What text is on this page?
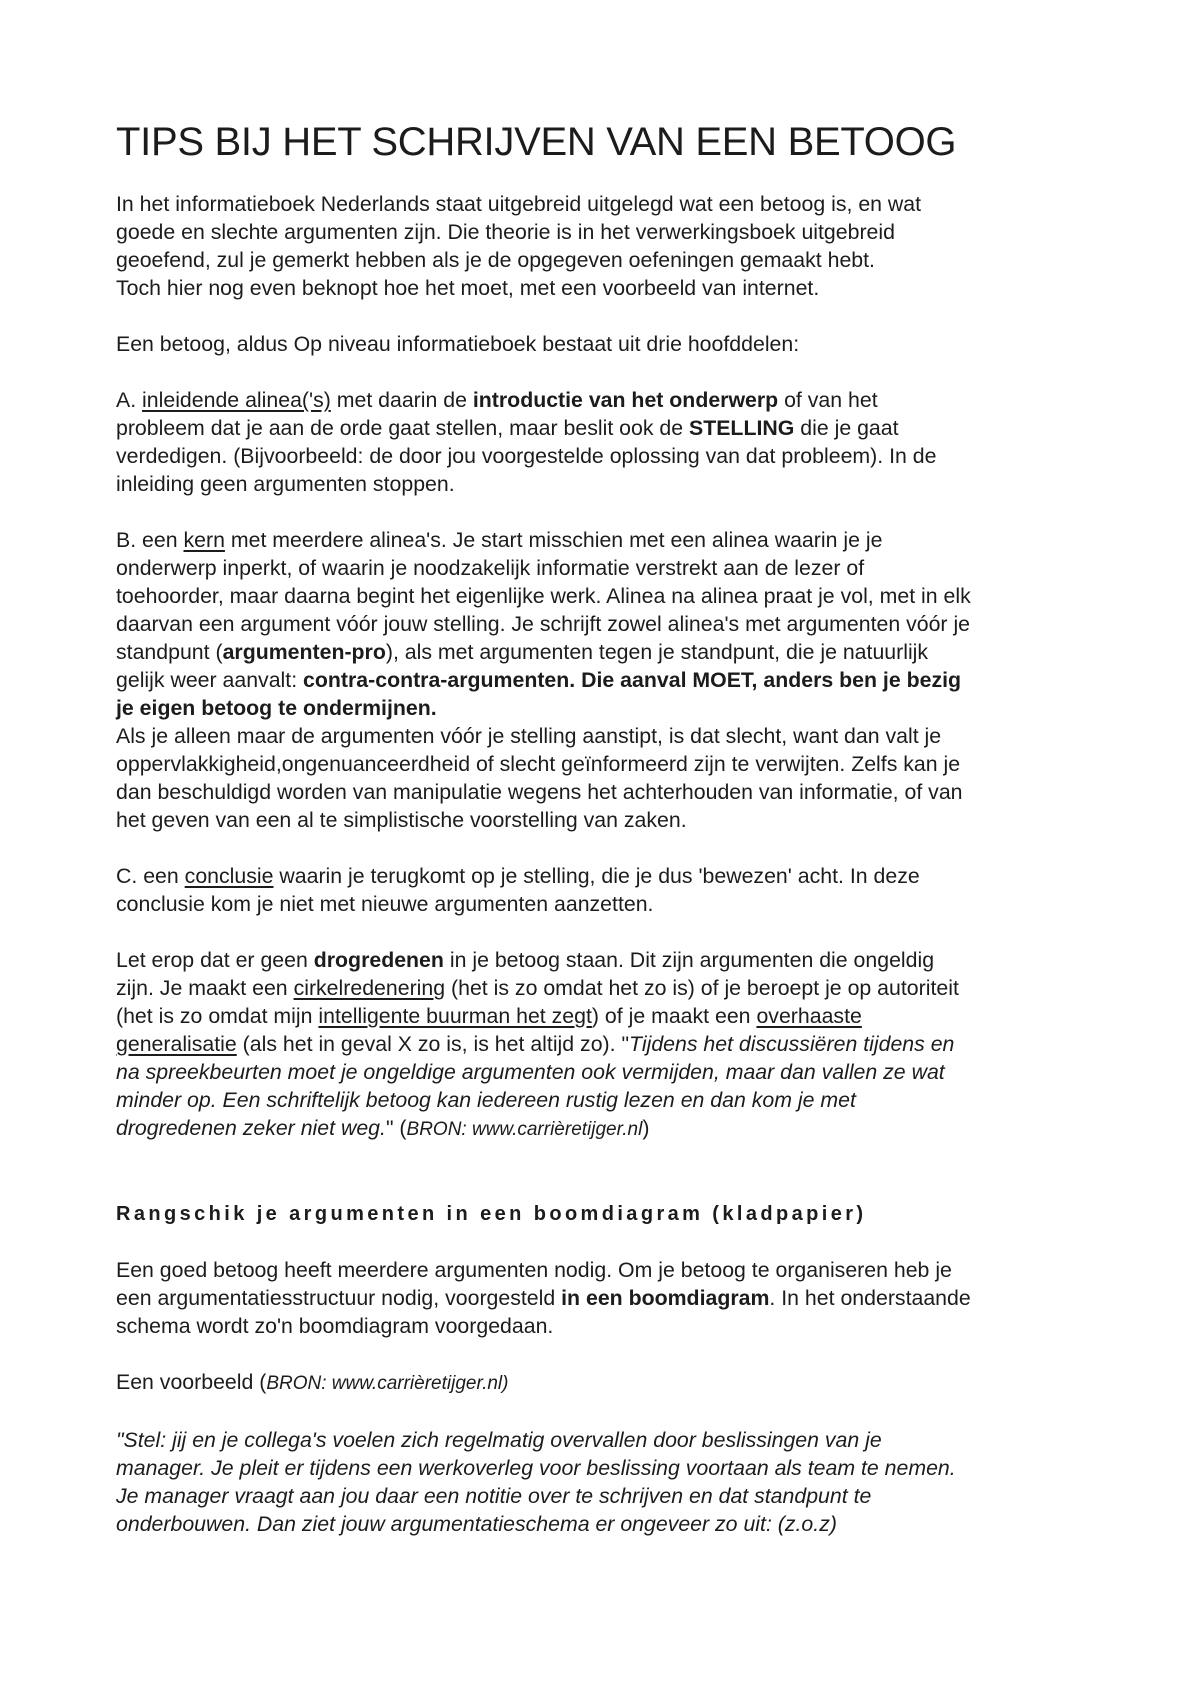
TIPS BIJ HET SCHRIJVEN VAN EEN BETOOG

In het informatieboek Nederlands staat uitgebreid uitgelegd wat een betoog is, en wat

goede en slechte argumenten zijn. Die theorie is in het verwerkingsboek uitgebreid

geoefend, zul je gemerkt hebben als je de opgegeven oefeningen gemaakt hebt.

Toch hier nog even beknopt hoe het moet, met een voorbeeld van internet.

Een betoog, aldus Op niveau informatieboek bestaat uit drie hoofddelen:

A. inleidende alinea('s) met daarin de introductie van het onderwerp of van het

probleem dat je aan de orde gaat stellen, maar beslit ook de STELLING die je gaat

verdedigen. (Bijvoorbeeld: de door jou voorgestelde oplossing van dat probleem). In de

inleiding geen argumenten stoppen.

B. een kern met meerdere alinea's. Je start misschien met een alinea waarin je je

onderwerp inperkt, of waarin je noodzakelijk informatie verstrekt aan de lezer of

toehoorder, maar daarna begint het eigenlijke werk. Alinea na alinea praat je vol, met in elk

daarvan een argument vóór jouw stelling. Je schrijft zowel alinea's met argumenten vóór je

standpunt (argumenten-pro), als met argumenten tegen je standpunt, die je natuurlijk

gelijk weer aanvalt: contra-contra-argumenten. Die aanval MOET, anders ben je bezig

je eigen betoog te ondermijnen.

Als je alleen maar de argumenten vóór je stelling aanstipt, is dat slecht, want dan valt je

oppervlakkigheid,ongenuanceerdheid of slecht geïnformeerd zijn te verwijten. Zelfs kan je

dan beschuldigd worden van manipulatie wegens het achterhouden van informatie, of van

het geven van een al te simplistische voorstelling van zaken.

C. een conclusie waarin je terugkomt op je stelling, die je dus 'bewezen' acht. In deze

conclusie kom je niet met nieuwe argumenten aanzetten.

Let erop dat er geen drogredenen in je betoog staan. Dit zijn argumenten die ongeldig

zijn. Je maakt een cirkelredenering (het is zo omdat het zo is) of je beroept je op autoriteit

(het is zo omdat mijn intelligente buurman het zegt) of je maakt een overhaaste

generalisatie (als het in geval X zo is, is het altijd zo). "Tijdens het discussiëren tijdens en

na spreekbeurten moet je ongeldige argumenten ook vermijden, maar dan vallen ze wat

minder op. Een schriftelijk betoog kan iedereen rustig lezen en dan kom je met

drogredenen zeker niet weg." (BRON: www.carrièretijger.nl)

Rangschik je argumenten in een boomdiagram (kladpapier)

Een goed betoog heeft meerdere argumenten nodig. Om je betoog te organiseren heb je

een argumentatiesstructuur nodig, voorgesteld in een boomdiagram. In het onderstaande

schema wordt zo'n boomdiagram voorgedaan.

Een voorbeeld (BRON: www.carrièretijger.nl)

"Stel: jij en je collega's voelen zich regelmatig overvallen door beslissingen van je

manager. Je pleit er tijdens een werkoverleg voor beslissing voortaan als team te nemen.

Je manager vraagt aan jou daar een notitie over te schrijven en dat standpunt te

onderbouwen. Dan ziet jouw argumentatieschema er ongeveer zo uit: (z.o.z)
